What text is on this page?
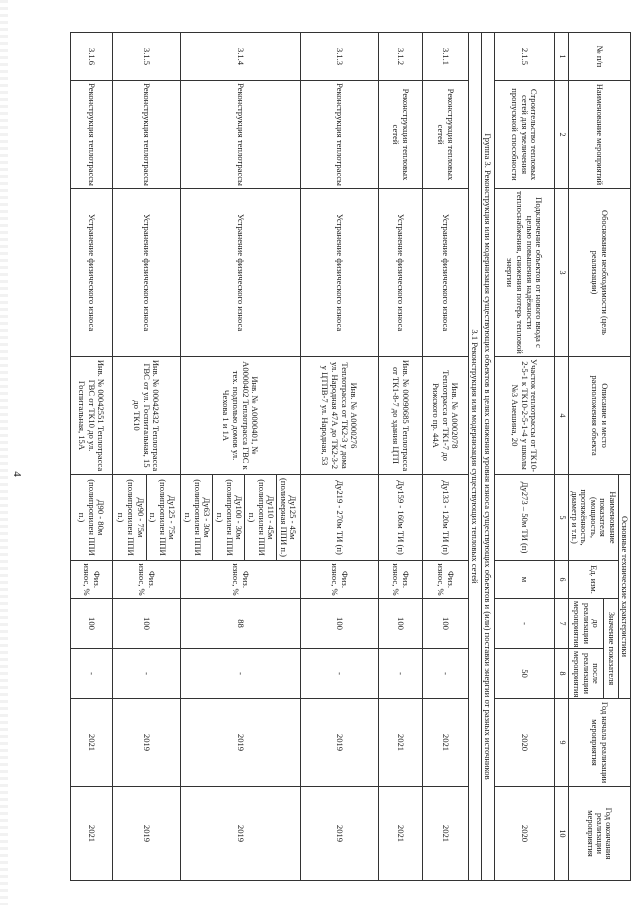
4
№ п/п	Наименование мероприятий	Обоснование необходимости (цель реализации)	Описание и место расположения объекта	Основные технические характеристики				Год начала реализации мероприятия	Год окончания реализации мероприятия
				Наименование показателя (мощность, протяжённость, диаметр и т.п.)	Ед. изм.	Значение показателя			
						до реализации мероприятия	после реализации мероприятия		
1	2	3	4	5	6	7	8	9	10
2.1.5	Строительство тепловых сетей для увеличения пропускной способности	Подключение объектов от нового ввода с целью повышения надёжности теплоснабжения, снижения потерь тепловой энергии	Участок теплотрассы от ТК10-2-5-1 к ТК10-2-5-1-4 у школы №3 Анешина, 20	Ду273 – 50м ТИ (п)	м	-	50	2020	2020
Группа 3. Реконструкция или модернизация существующих объектов в целях снижения уровня износа существующих объектов и (или) поставки энергии от разных источников									
3.1 Реконструкция или модернизация существующих тепловых сетей									
3.1.1	Реконструкция тепловых сетей	Устранение физического износа	Инв. № А0002078 Теплотрасса от ТК1-7 до Рижского пр. 44А	Ду133 - 120м ТИ (п)	Физ. износ, %	100	-	2021	2021
3.1.2	Реконструкция тепловых сетей	Устранение физического износа	Инв. № 00090685 Теплотрасса от ТК1-8-7 до здания ЦТП	Ду159 - 160м ТИ (п)	Физ. износ, %	100	-	2021	2021
3.1.3	Реконструкция теплотрассы	Устранение физического износа	Инв. № А0000276 Теплотрасса от ТК2-3 у дома ул. Народная 47А до ТК2-3-2 у ЦТПВ-7 ул. Народная, 53	Ду219 - 270м ТИ (п)	Физ. износ, %	100	-	2019	2019
3.1.4	Реконструкция теплотрассы	Устранение физического износа	Инв. № А0000401, № А0000402 Теплотрасса ГВС к тех. подполью домов ул. Чехова 1 и 1А	Ду125 - 45м (полимерная ППИ п.)
Ду110 - 45м (полипропилен ППИ п.)
Ду100 - 30м (полипропилен ППИ п.)
Ду63 - 30м (полипропилен ППИ п.)	Физ. износ, %	88	-	2019	2019
3.1.5	Реконструкция теплотрассы	Устранение физического износа	Инв. № 00042432 Теплотрасса ГВС от ул. Госпитальная, 15 до ТК10	Ду125 - 75м (полипропилен ППИ п.)
Ду90 - 75м (полипропилен ППИ п.)	Физ. износ, %	100	-	2019	2019
3.1.6	Реконструкция теплотрассы	Устранение физического износа	Инв. № 00042551 Теплотрасса ГВС от ТК10 до ул. Госпитальная, 15А	Д90 - 80м (полипропилен ППИ п.)	Физ. износ, %	100	-	2021	2021
